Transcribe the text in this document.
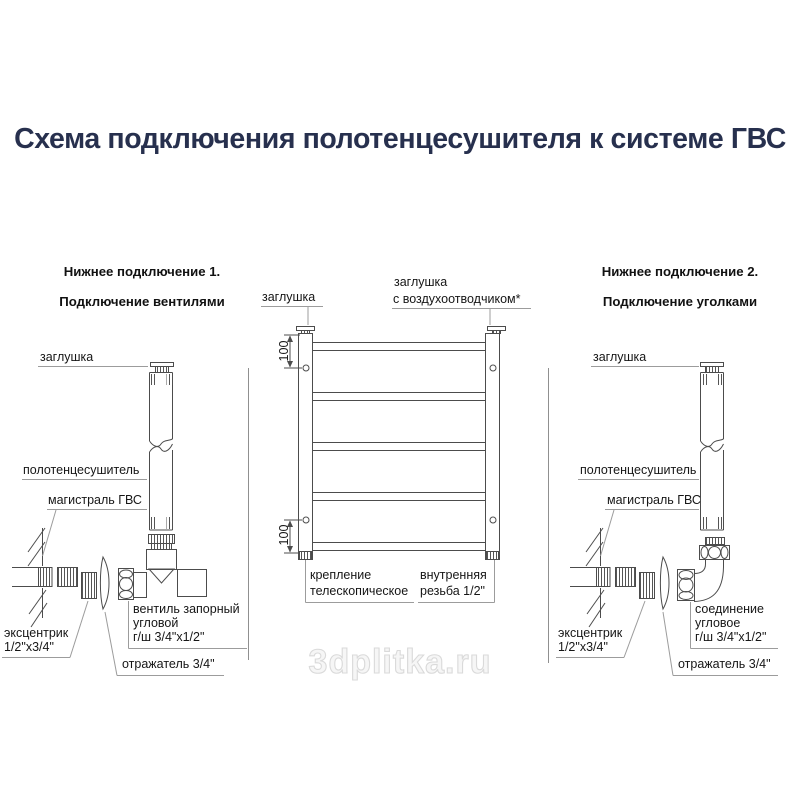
3dplitka.ru
Схема подключения полотенцесушителя к системе ГВС
Нижнее подключение 1.
Подключение вентилями
заглушка
полотенцесушитель
магистраль ГВС
вентиль запорный
угловой
г/ш 3/4"x1/2"
эксцентрик
1/2"x3/4"
отражатель 3/4"
заглушка
заглушка
с воздухоотводчиком*
100
100
крепление
телескопическое
внутренняя
резьба 1/2"
Нижнее подключение 2.
Подключение уголками
заглушка
полотенцесушитель
магистраль ГВС
соединение
угловое
г/ш 3/4"x1/2"
эксцентрик
1/2"x3/4"
отражатель 3/4"
